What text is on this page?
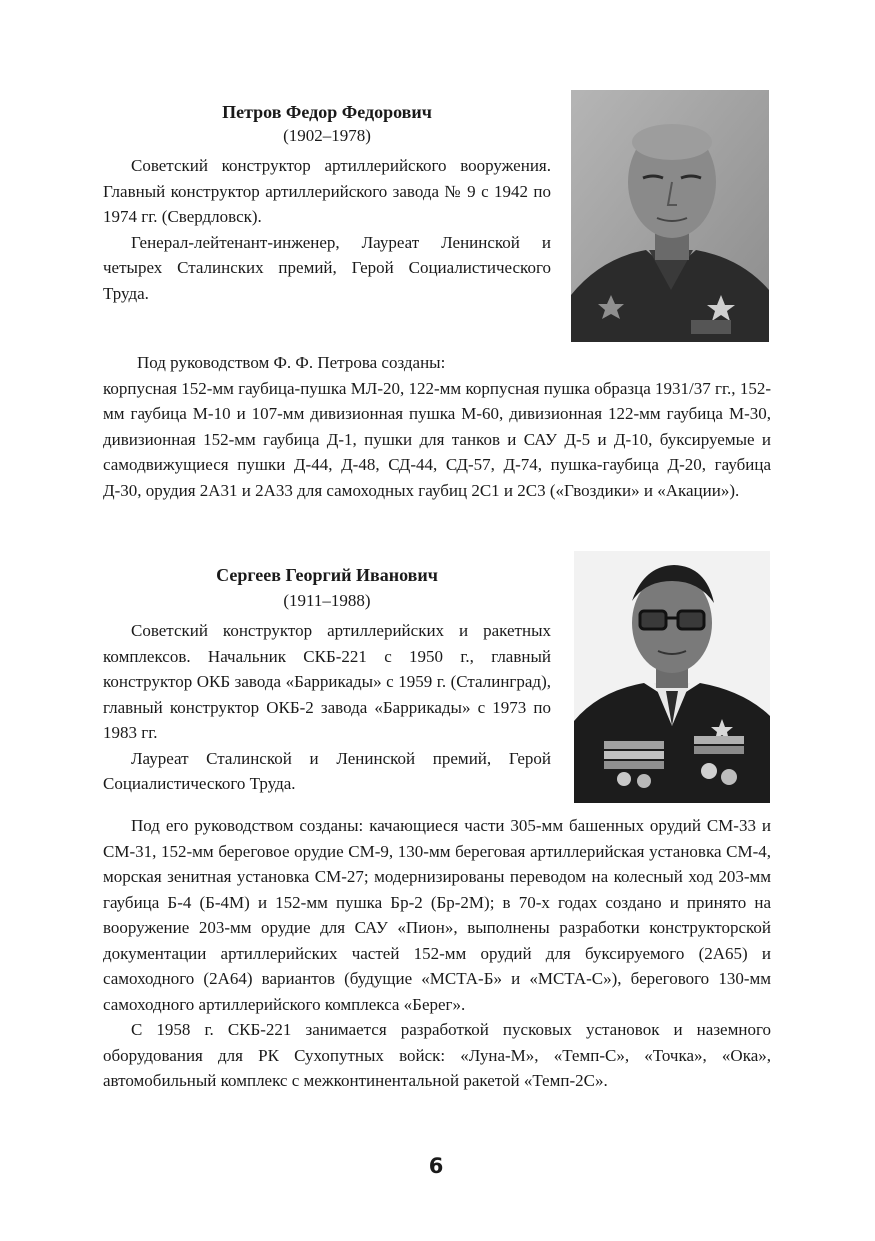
Петров Федор Федорович
(1902–1978)

Советский конструктор артиллерийского вооружения. Главный конструктор артиллерийского завода № 9 с 1942 по 1974 гг. (Свердловск).

Генерал-лейтенант-инженер, Лауреат Ленинской и четырех Сталинских премий, Герой Социалистического Труда.

Под руководством Ф. Ф. Петрова созданы:
корпусная 152-мм гаубица-пушка МЛ-20, 122-мм корпусная пушка образца 1931/37 гг., 152-мм гаубица М-10 и 107-мм дивизионная пушка М-60, дивизионная 122-мм гаубица М-30, дивизионная 152-мм гаубица Д-1, пушки для танков и САУ Д-5 и Д-10, буксируемые и самодвижущиеся пушки Д-44, Д-48, СД-44, СД-57, Д-74, пушка-гаубица Д-20, гаубица Д-30, орудия 2А31 и 2А33 для самоходных гаубиц 2С1 и 2С3 («Гвоздики» и «Акации»).
Сергеев Георгий Иванович
(1911–1988)

Советский конструктор артиллерийских и ракетных комплексов. Начальник СКБ-221 с 1950 г., главный конструктор ОКБ завода «Баррикады» с 1959 г. (Сталинград), главный конструктор ОКБ-2 завода «Баррикады» с 1973 по 1983 гг.

Лауреат Сталинской и Ленинской премий, Герой Социалистического Труда.

Под его руководством созданы: качающиеся части 305-мм башенных орудий СМ-33 и СМ-31, 152-мм береговое орудие СМ-9, 130-мм береговая артиллерийская установка СМ-4, морская зенитная установка СМ-27; модернизированы переводом на колесный ход 203-мм гаубица Б-4 (Б-4М) и 152-мм пушка Бр-2 (Бр-2М); в 70-х годах создано и принято на вооружение 203-мм орудие для САУ «Пион», выполнены разработки конструкторской документации артиллерийских частей 152-мм орудий для буксируемого (2А65) и самоходного (2А64) вариантов (будущие «МСТА-Б» и «МСТА-С»), берегового 130-мм самоходного артиллерийского комплекса «Берег».

С 1958 г. СКБ-221 занимается разработкой пусковых установок и наземного оборудования для РК Сухопутных войск: «Луна-М», «Темп-С», «Точка», «Ока», автомобильный комплекс с межконтинентальной ракетой «Темп-2С».

6
